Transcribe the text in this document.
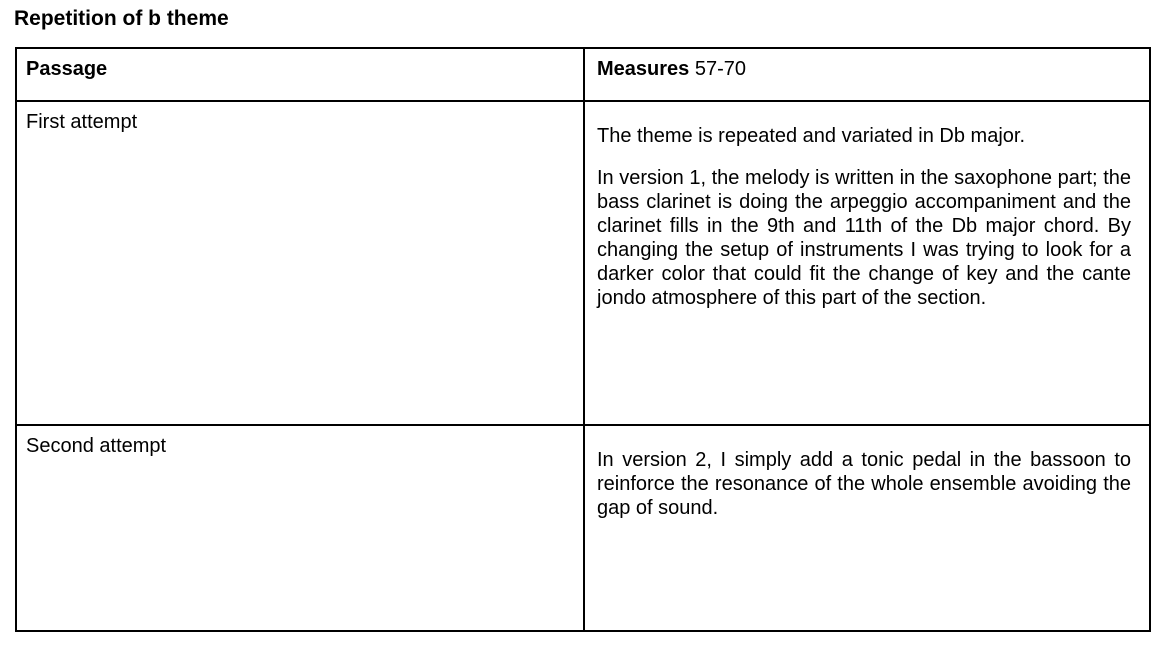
Repetition of b theme
Passage	Measures 57-70
First attempt	The theme is repeated and variated in Db major.

In version 1, the melody is written in the saxophone part; the bass clarinet is doing the arpeggio accompaniment and the clarinet fills in the 9th and 11th of the Db major chord. By changing the setup of instruments I was trying to look for a darker color that could fit the change of key and the cante jondo atmosphere of this part of the section.

Second attempt	In version 2, I simply add a tonic pedal in the bassoon to reinforce the resonance of the whole ensemble avoiding the gap of sound.
